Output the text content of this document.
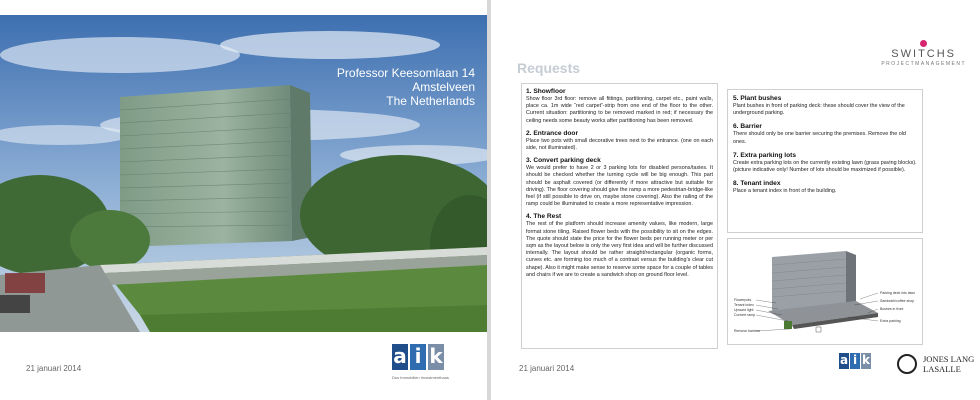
Professor Keesomlaan 14
Amstelveen
The Netherlands
21 januari 2014
a i k
Dus Immobilien Investmenthaus
Requests
SWITCHS
PROJECTMANAGEMENT
1. Showfloor
Show floor 3rd floor: remove all fittings, partitioning, carpet etc., paint walls, place ca. 1m wide “red carpet”-strip from one end of the floor to the other. Current situation: partitioning to be removed marked in red; if necessary the ceiling needs some beauty works after partitioning has been removed.
2. Entrance door
Place two pots with small decorative trees next to the entrance. (one on each side, not illuminated).
3. Convert parking deck
We would prefer to have 2 or 3 parking lots for disabled persons/taxies. It should be checked whether the turning cycle will be big enough. This part should be asphalt covered (or differently if more attractive but suitable for driving). The floor covering should give the ramp a more pedestrian-bridge-like feel (if still possible to drive on, maybe stone covering). Also the railing of the ramp could be illuminated to create a more representative impression.
4. The Rest
The rest of the platform should increase amenity values, like modern, large format stone tiling. Raised flower beds with the possibility to sit on the edges. The quote should state the price for the flower beds per running meter or per sqm as the layout below is only the very first idea and will be further discussed internally. The layout should be rather straight/rectangular (organic forms, curves etc. are forming too much of a contrast versus the building’s clear cut shape). Also it might make sense to reserve some space for a couple of tables and chairs if we are to create a sandwich shop on ground floor level.
5. Plant bushes
Plant bushes in front of parking deck: these should cover the view of the underground parking.
6. Barrier
There should only be one barrier securing the premises. Remove the old ones.
7. Extra parking lots
Create extra parking lots on the currently existing lawn (grass paving blocks). (picture indicative only! Number of lots should be maximized if possible).
8. Tenant index
Place a tenant index in front of the building.
Flowerpots
Tenant index
Upward light
Convert ramp
Remove barriers
Parking deck into lawn
Sandwich/coffee shop
Bushes in front
Extra parking
21 januari 2014
a i k	JONES LANG
LASALLE
